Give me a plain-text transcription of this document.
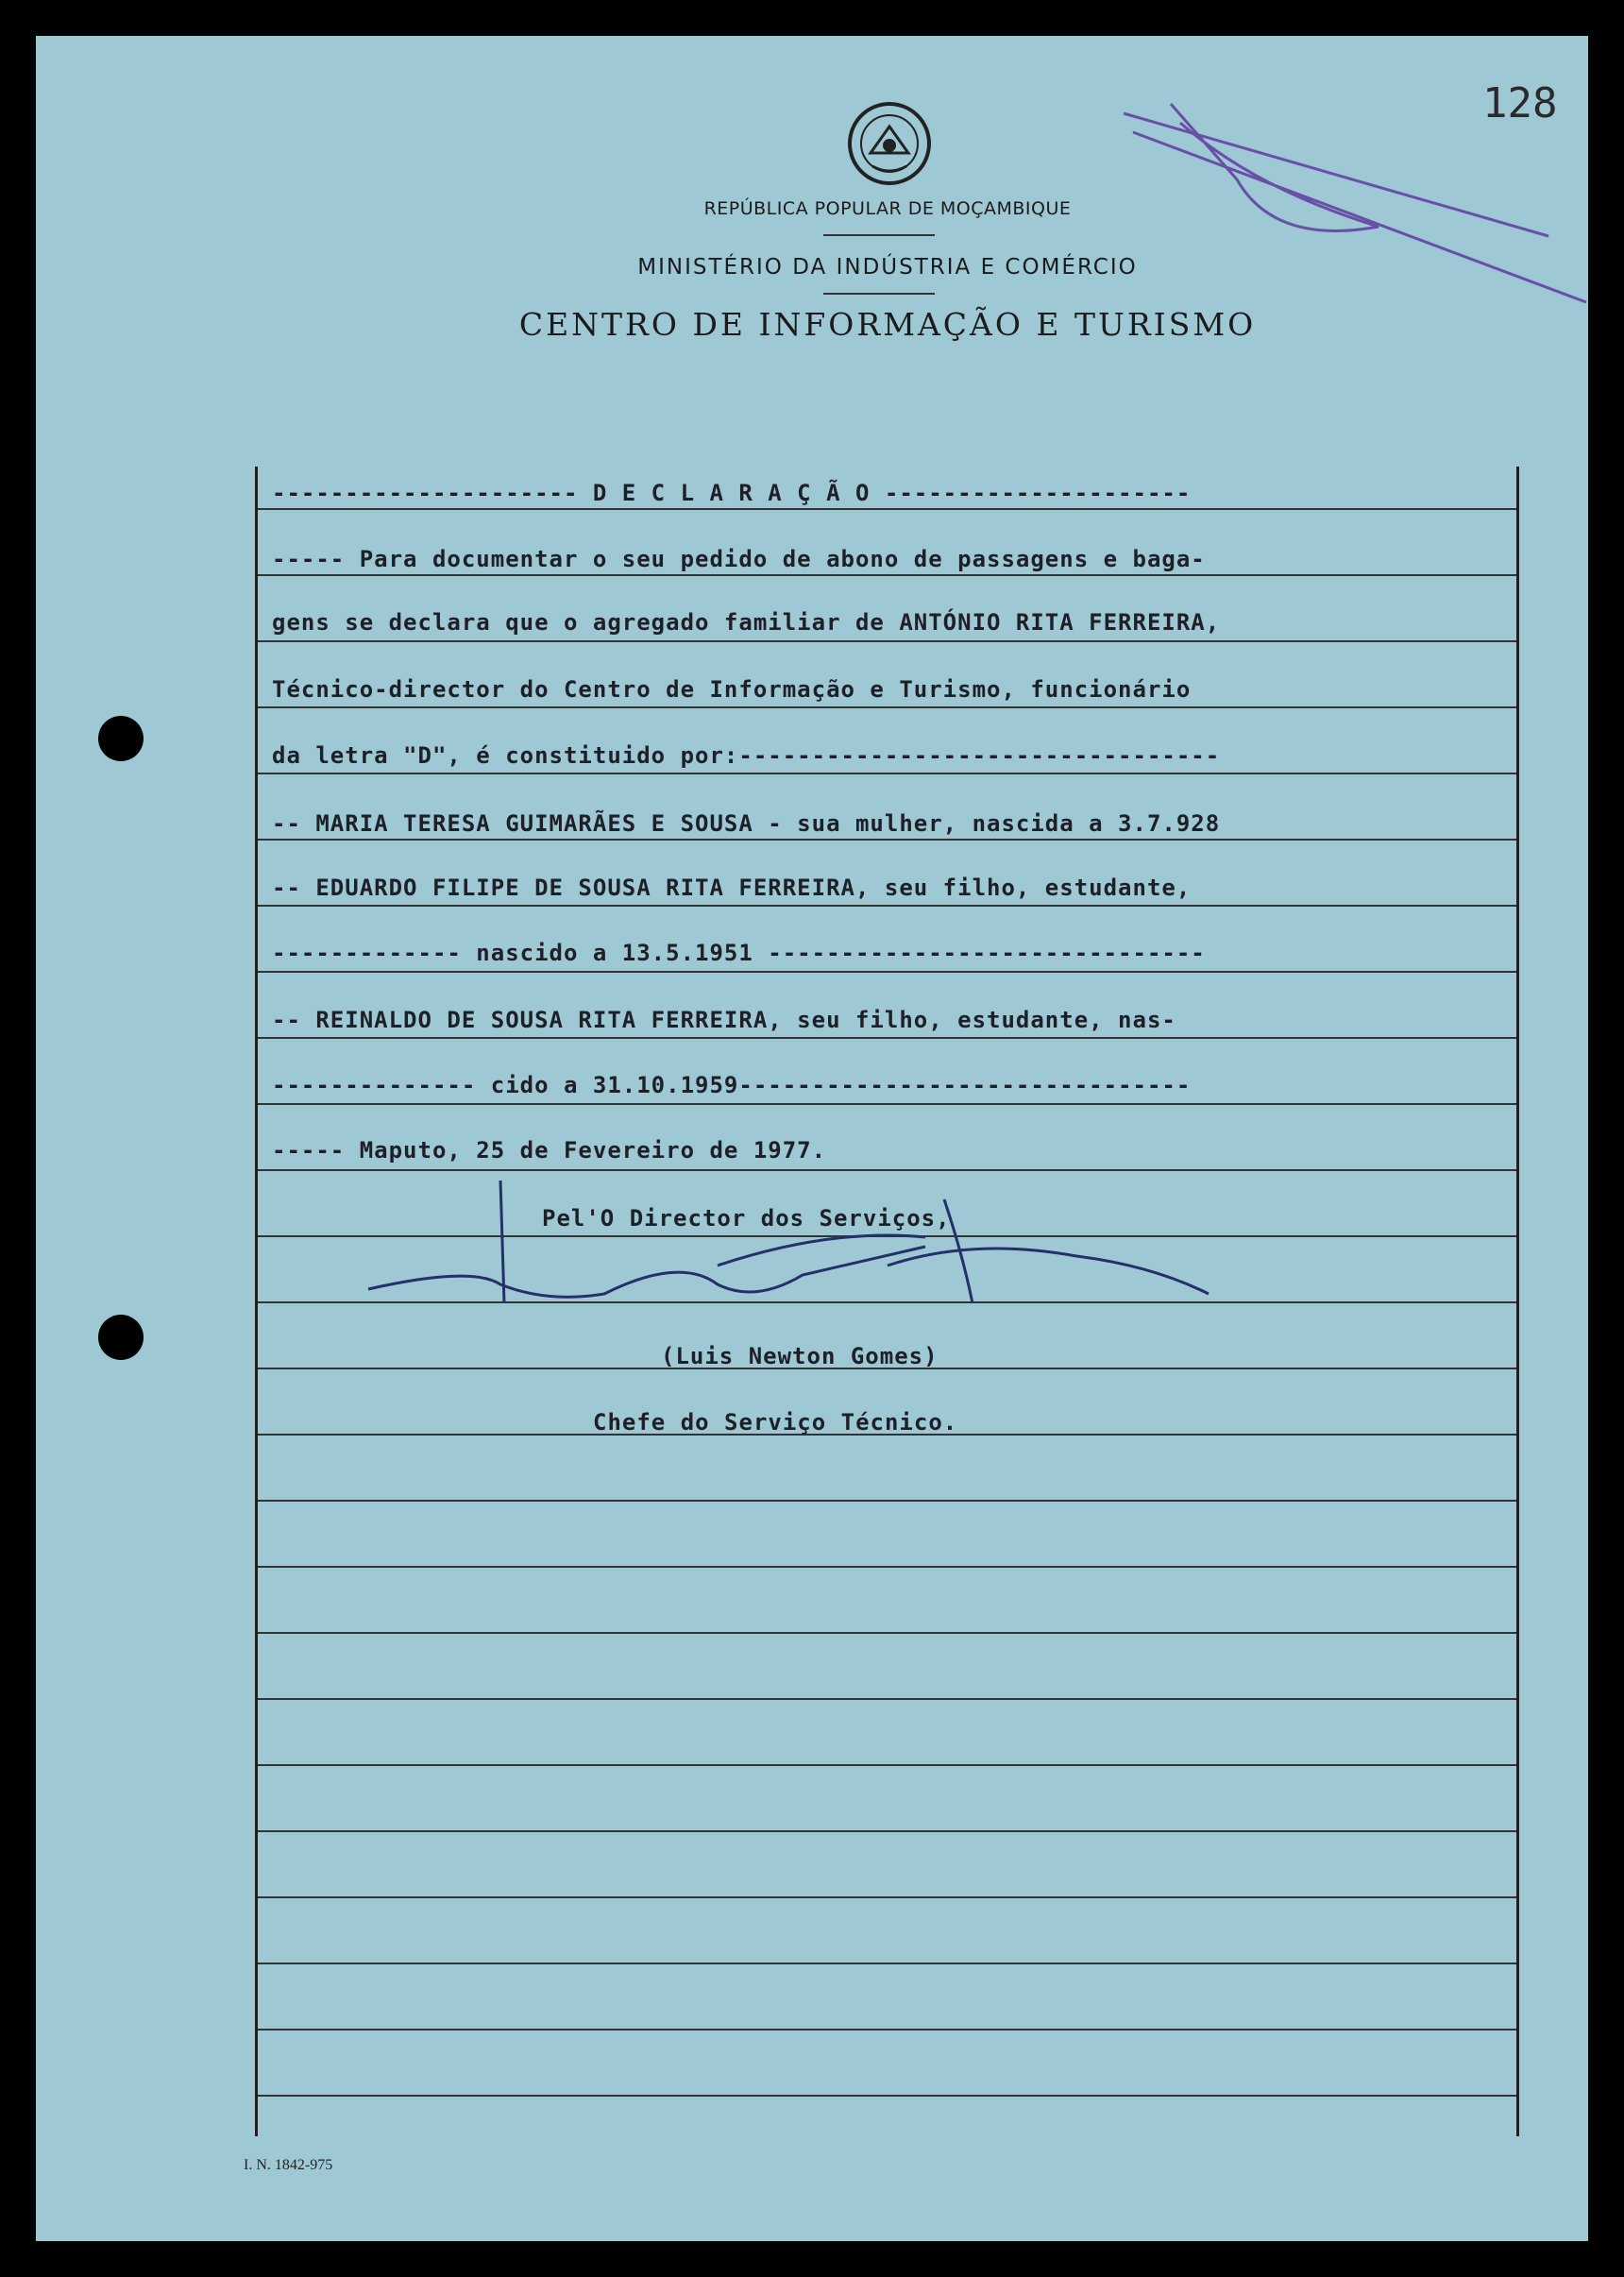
128
REPÚBLICA POPULAR DE MOÇAMBIQUE
MINISTÉRIO DA INDÚSTRIA E COMÉRCIO
CENTRO DE INFORMAÇÃO E TURISMO
--------------------- D E C L A R A Ç Ã O ---------------------
----- Para documentar o seu pedido de abono de passagens e baga-
gens se declara que o agregado familiar de ANTÓNIO RITA FERREIRA,
Técnico-director do Centro de Informação e Turismo, funcionário
da letra "D", é constituido por:---------------------------------
-- MARIA TERESA GUIMARÃES E SOUSA - sua mulher, nascida a 3.7.928
-- EDUARDO FILIPE DE SOUSA RITA FERREIRA, seu filho, estudante,
------------- nascido a 13.5.1951 ------------------------------
-- REINALDO DE SOUSA RITA FERREIRA, seu filho, estudante, nas-
-------------- cido a 31.10.1959-------------------------------
----- Maputo, 25 de Fevereiro de 1977.
Pel'O Director dos Serviços,
(Luis Newton Gomes)
Chefe do Serviço Técnico.
I. N. 1842-975
